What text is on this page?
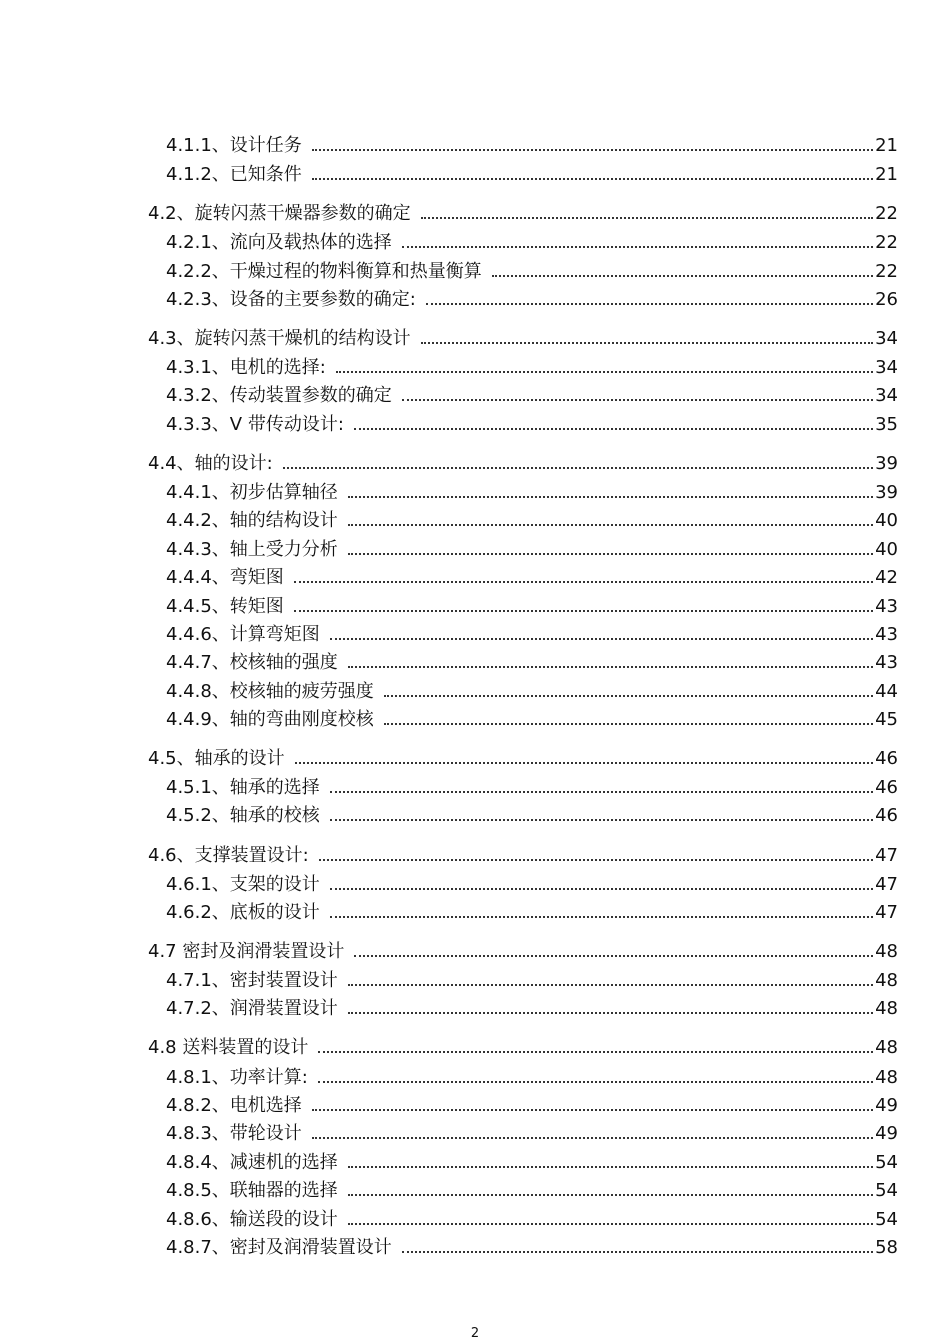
4.1.1、设计任务	21
4.1.2、已知条件	21
4.2、旋转闪蒸干燥器参数的确定	22
4.2.1、流向及载热体的选择	22
4.2.2、干燥过程的物料衡算和热量衡算	22
4.2.3、设备的主要参数的确定:	26
4.3、旋转闪蒸干燥机的结构设计	34
4.3.1、电机的选择:	34
4.3.2、传动装置参数的确定	34
4.3.3、V 带传动设计:	35
4.4、轴的设计:	39
4.4.1、初步估算轴径	39
4.4.2、轴的结构设计	40
4.4.3、轴上受力分析	40
4.4.4、弯矩图	42
4.4.5、转矩图	43
4.4.6、计算弯矩图	43
4.4.7、校核轴的强度	43
4.4.8、校核轴的疲劳强度	44
4.4.9、轴的弯曲刚度校核	45
4.5、轴承的设计	46
4.5.1、轴承的选择	46
4.5.2、轴承的校核	46
4.6、支撑装置设计:	47
4.6.1、支架的设计	47
4.6.2、底板的设计	47
4.7 密封及润滑装置设计	48
4.7.1、密封装置设计	48
4.7.2、润滑装置设计	48
4.8 送料装置的设计	48
4.8.1、功率计算:	48
4.8.2、电机选择	49
4.8.3、带轮设计	49
4.8.4、减速机的选择	54
4.8.5、联轴器的选择	54
4.8.6、输送段的设计	54
4.8.7、密封及润滑装置设计	58
2
